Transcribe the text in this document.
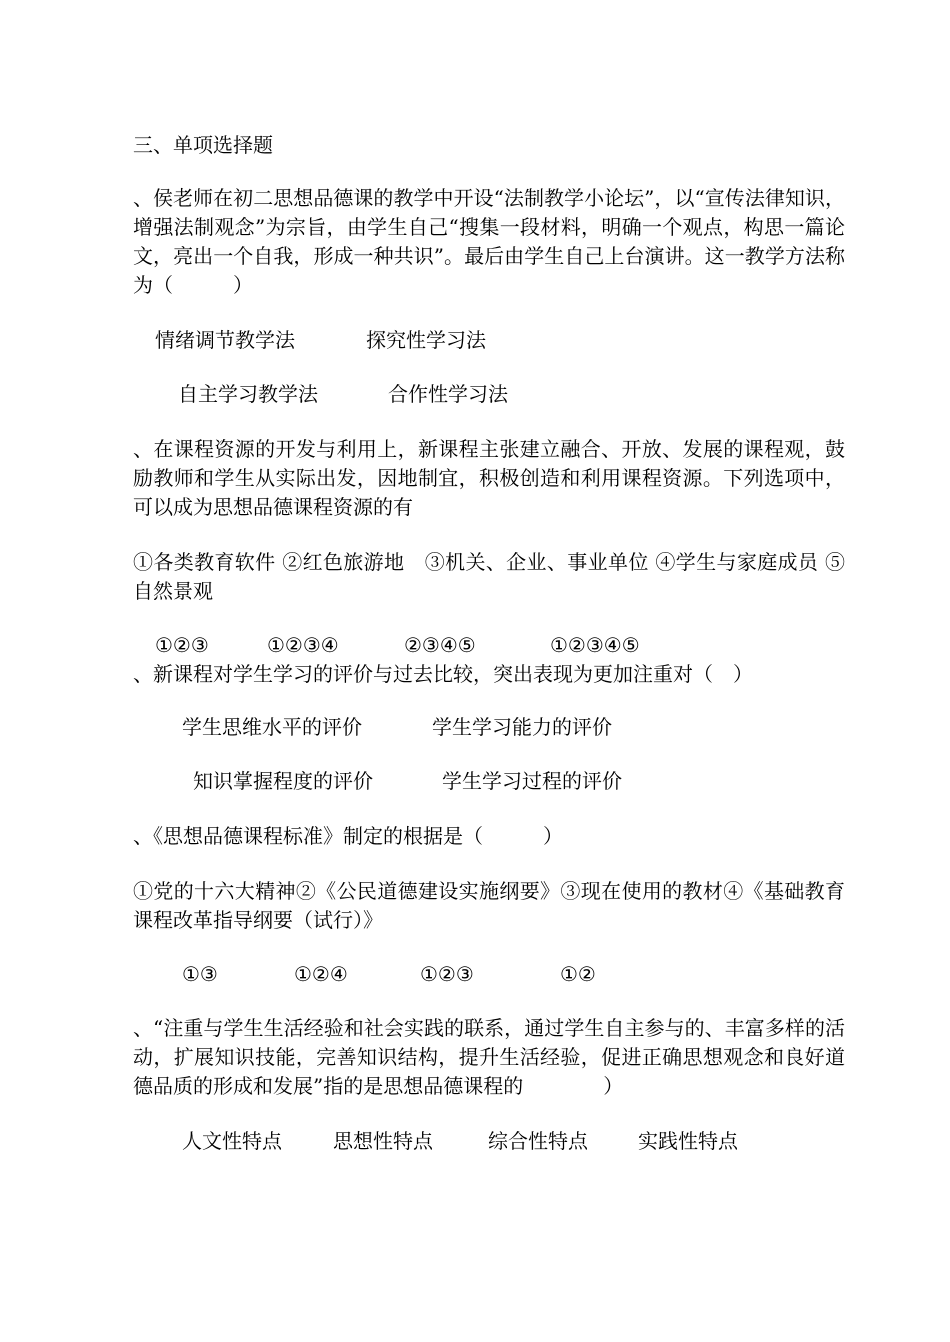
三、单项选择题

、侯老师在初二思想品德课的教学中开设“法制教学小论坛”，以“宣传法律知识，增强法制观念”为宗旨，由学生自己“搜集一段材料，明确一个观点，构思一篇论文，亮出一个自我，形成一种共识”。最后由学生自己上台演讲。这一教学方法称为（　　　）

情绪调节教学法	探究性学习法
自主学习教学法	合作性学习法

、在课程资源的开发与利用上，新课程主张建立融合、开放、发展的课程观，鼓励教师和学生从实际出发，因地制宜，积极创造和利用课程资源。下列选项中，可以成为思想品德课程资源的有

①各类教育软件 ②红色旅游地　③机关、企业、事业单位 ④学生与家庭成员 ⑤自然景观

①②③	①②③④	②③④⑤	①②③④⑤
、新课程对学生学习的评价与过去比较，突出表现为更加注重对（　）
学生思维水平的评价	学生学习能力的评价
知识掌握程度的评价	学生学习过程的评价
、《思想品德课程标准》制定的根据是（　　　）

①党的十六大精神②《公民道德建设实施纲要》③现在使用的教材④《基础教育课程改革指导纲要（试行）》

①③	①②④	①②③	①②

、“注重与学生生活经验和社会实践的联系，通过学生自主参与的、丰富多样的活动，扩展知识技能，完善知识结构，提升生活经验，促进正确思想观念和良好道德品质的形成和发展”指的是思想品德课程的　　　　）

人文性特点	思想性特点	综合性特点	实践性特点
